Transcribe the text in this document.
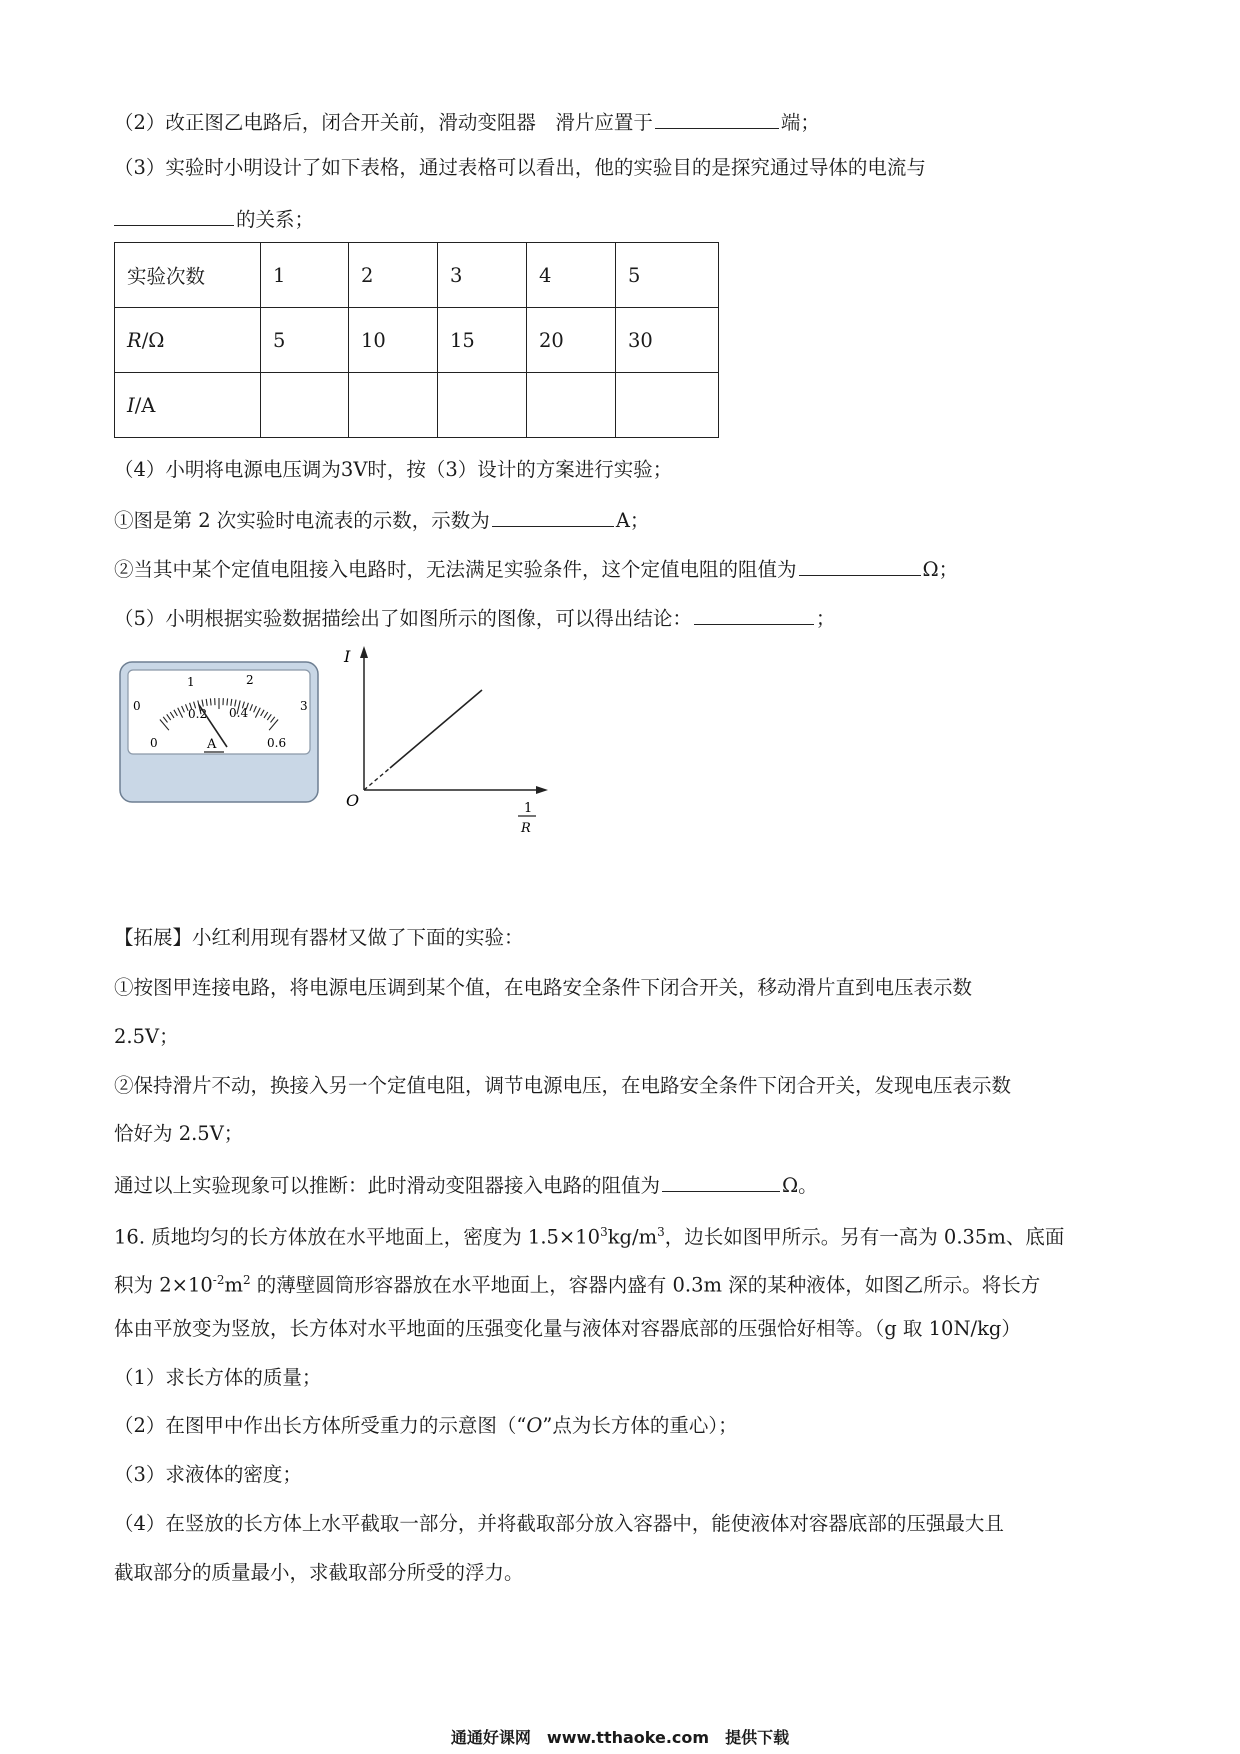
（2）改正图乙电路后，闭合开关前，滑动变阻器　滑片应置于	端；
（3）实验时小明设计了如下表格，通过表格可以看出，他的实验目的是探究通过导体的电流与
的关系；
实验次数	1	2	3	4	5
R/Ω	5	10	15	20	30
I/A					
（4）小明将电源电压调为3V时，按（3）设计的方案进行实验；
①图是第 2 次实验时电流表的示数，示数为	A；
②当其中某个定值电阻接入电路时，无法满足实验条件，这个定值电阻的阻值为	Ω；
（5）小明根据实验数据描绘出了如图所示的图像，可以得出结论：	；
0
1	2
3
0
0.2 0.4
0.6
A
I
O	1
R
【拓展】小红利用现有器材又做了下面的实验：
①按图甲连接电路，将电源电压调到某个值，在电路安全条件下闭合开关，移动滑片直到电压表示数
2.5V；
②保持滑片不动，换接入另一个定值电阻，调节电源电压，在电路安全条件下闭合开关，发现电压表示数
恰好为 2.5V；
通过以上实验现象可以推断：此时滑动变阻器接入电路的阻值为	Ω。
16. 质地均匀的长方体放在水平地面上，密度为 $1.5\times 10^3kg/m^3$，边长如图甲所示。另有一高为 0.35m、底面
积为 $2\times 10^{-2}m^2$ 的薄壁圆筒形容器放在水平地面上，容器内盛有 0.3m 深的某种液体，如图乙所示。将长方
体由平放变为竖放，长方体对水平地面的压强变化量与液体对容器底部的压强恰好相等。（g 取 10N/kg）
（1）求长方体的质量；
（2）在图甲中作出长方体所受重力的示意图（“O”点为长方体的重心）；
（3）求液体的密度；
（4）在竖放的长方体上水平截取一部分，并将截取部分放入容器中，能使液体对容器底部的压强最大且
截取部分的质量最小，求截取部分所受的浮力。
通通好课网　www.tthaoke.com　提供下载
